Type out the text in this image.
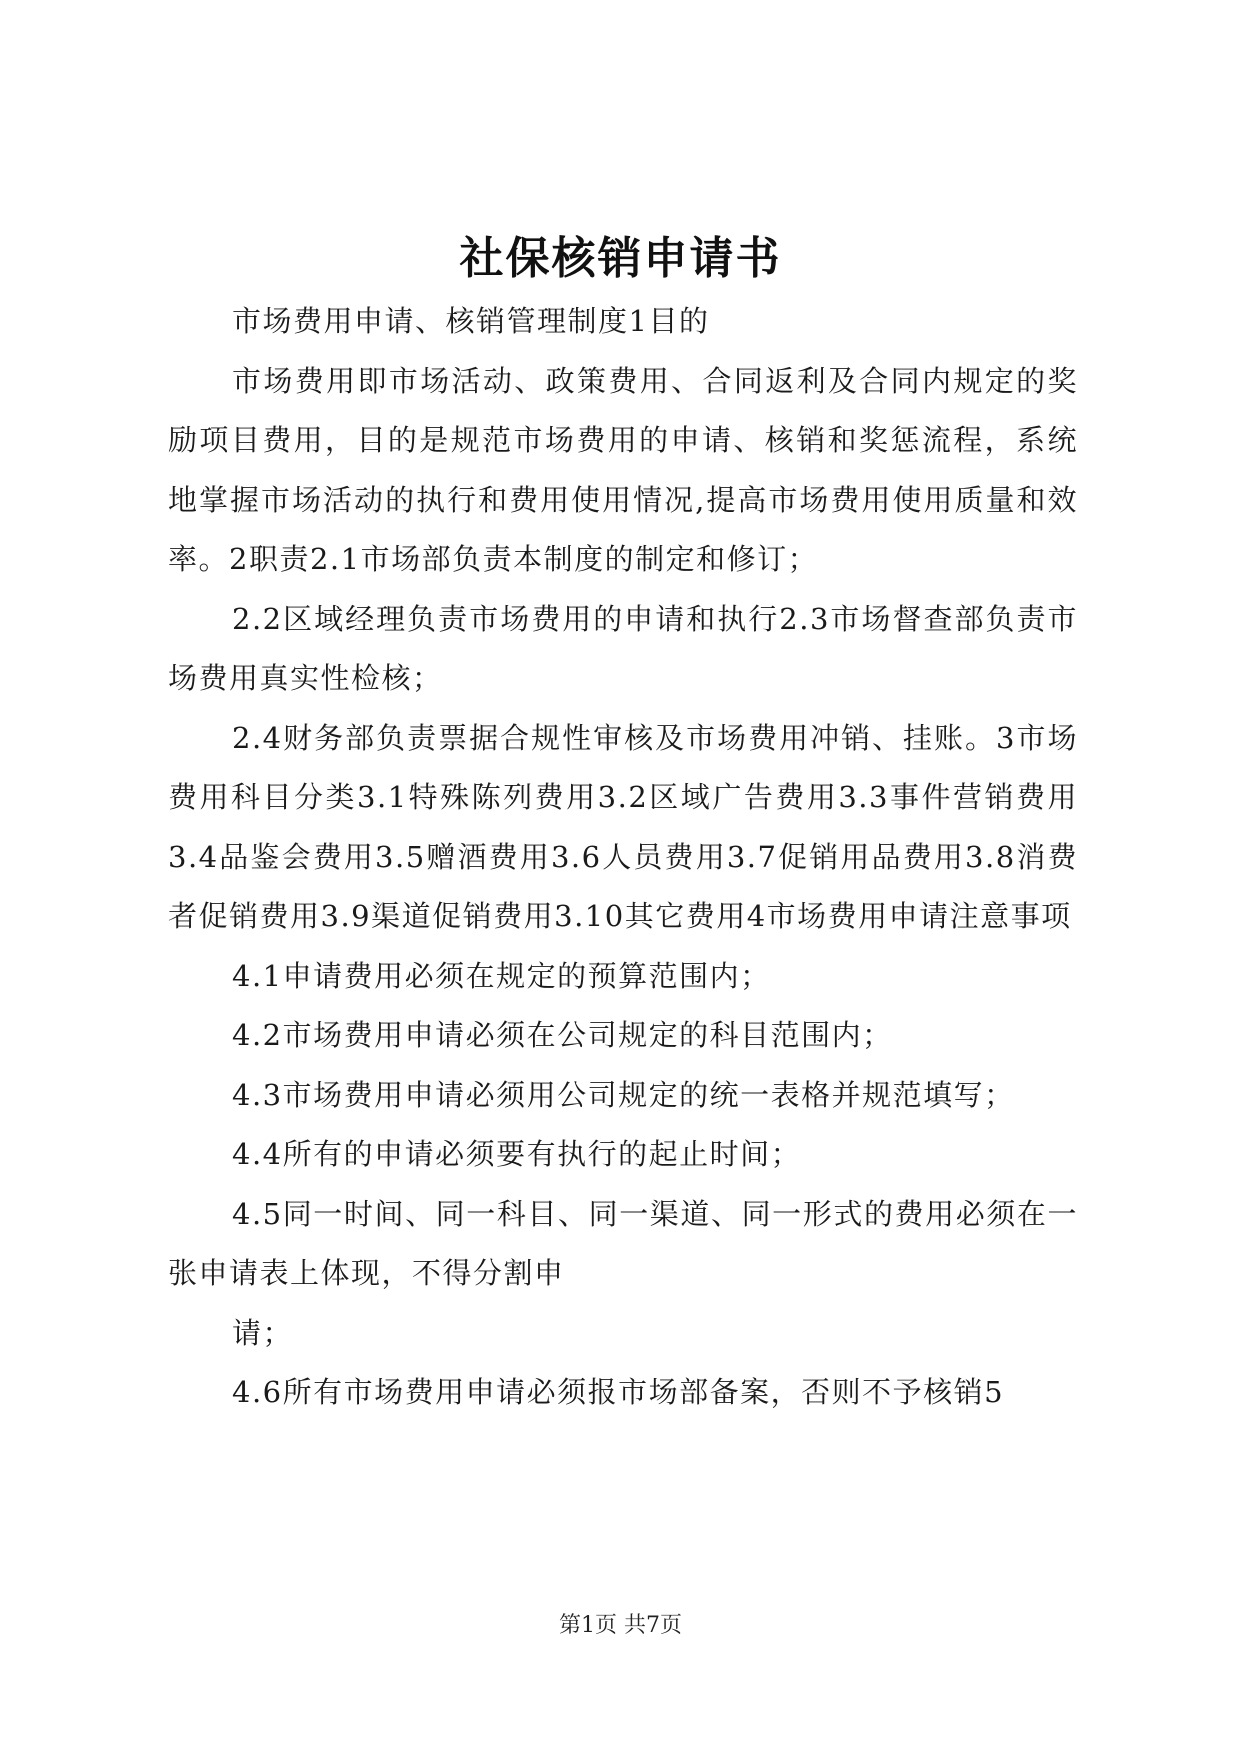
社保核销申请书

市场费用申请、核销管理制度1目的

市场费用即市场活动、政策费用、合同返利及合同内规定的奖励项目费用，目的是规范市场费用的申请、核销和奖惩流程，系统地掌握市场活动的执行和费用使用情况,提高市场费用使用质量和效率。2职责2.1市场部负责本制度的制定和修订；

2.2区域经理负责市场费用的申请和执行2.3市场督查部负责市场费用真实性检核；

2.4财务部负责票据合规性审核及市场费用冲销、挂账。3市场费用科目分类3.1特殊陈列费用3.2区域广告费用3.3事件营销费用3.4品鉴会费用3.5赠酒费用3.6人员费用3.7促销用品费用3.8消费者促销费用3.9渠道促销费用3.10其它费用4市场费用申请注意事项

4.1申请费用必须在规定的预算范围内；

4.2市场费用申请必须在公司规定的科目范围内；

4.3市场费用申请必须用公司规定的统一表格并规范填写；

4.4所有的申请必须要有执行的起止时间；

4.5同一时间、同一科目、同一渠道、同一形式的费用必须在一张申请表上体现，不得分割申

请；

4.6所有市场费用申请必须报市场部备案，否则不予核销5

第1页 共7页
